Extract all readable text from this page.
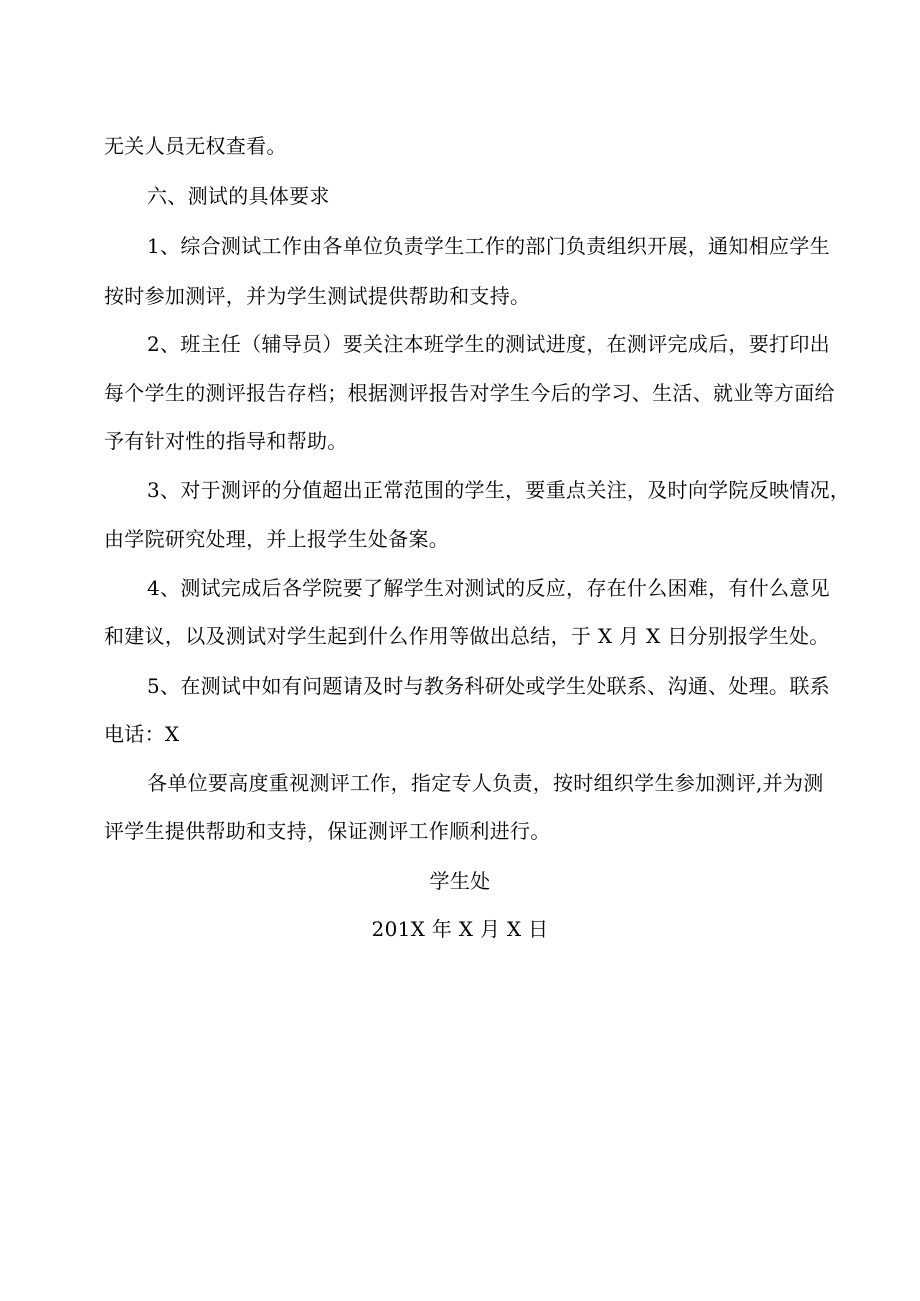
无关人员无权查看。
六、测试的具体要求
1、综合测试工作由各单位负责学生工作的部门负责组织开展，通知相应学生
按时参加测评，并为学生测试提供帮助和支持。
2、班主任（辅导员）要关注本班学生的测试进度，在测评完成后，要打印出
每个学生的测评报告存档；根据测评报告对学生今后的学习、生活、就业等方面给
予有针对性的指导和帮助。
3、对于测评的分值超出正常范围的学生，要重点关注，及时向学院反映情况，
由学院研究处理，并上报学生处备案。
4、测试完成后各学院要了解学生对测试的反应，存在什么困难，有什么意见
和建议，以及测试对学生起到什么作用等做出总结，于 X 月 X 日分别报学生处。
5、在测试中如有问题请及时与教务科研处或学生处联系、沟通、处理。联系
电话：X
各单位要高度重视测评工作，指定专人负责，按时组织学生参加测评,并为测
评学生提供帮助和支持，保证测评工作顺利进行。
学生处
201X 年 X 月 X 日
